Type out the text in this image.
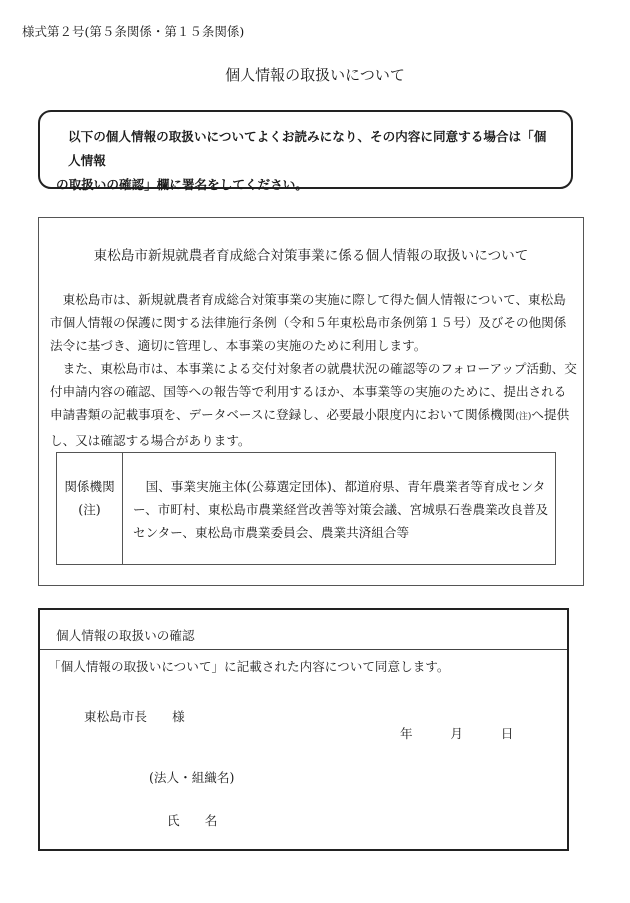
様式第２号(第５条関係・第１５条関係)
個人情報の取扱いについて
以下の個人情報の取扱いについてよくお読みになり、その内容に同意する場合は「個人情報
の取扱いの確認」欄に署名をしてください。
東松島市新規就農者育成総合対策事業に係る個人情報の取扱いについて

東松島市は、新規就農者育成総合対策事業の実施に際して得た個人情報について、東松島市個人情報の保護に関する法律施行条例（令和５年東松島市条例第１５号）及びその他関係法令に基づき、適切に管理し、本事業の実施のために利用します。

また、東松島市は、本事業による交付対象者の就農状況の確認等のフォローアップ活動、交付申請内容の確認、国等への報告等で利用するほか、本事業等の実施のために、提出される申請書類の記載事項を、データベースに登録し、必要最小限度内において関係機関(注)へ提供し、又は確認する場合があります。

関係機関
(注)
国、事業実施主体(公募選定団体)、都道府県、青年農業者等育成センター、市町村、東松島市農業経営改善等対策会議、宮城県石巻農業改良普及センター、東松島市農業委員会、農業共済組合等
個人情報の取扱いの確認
「個人情報の取扱いについて」に記載された内容について同意します。
東松島市長　　様
年　　　月　　　日
(法人・組織名)
氏　　名
